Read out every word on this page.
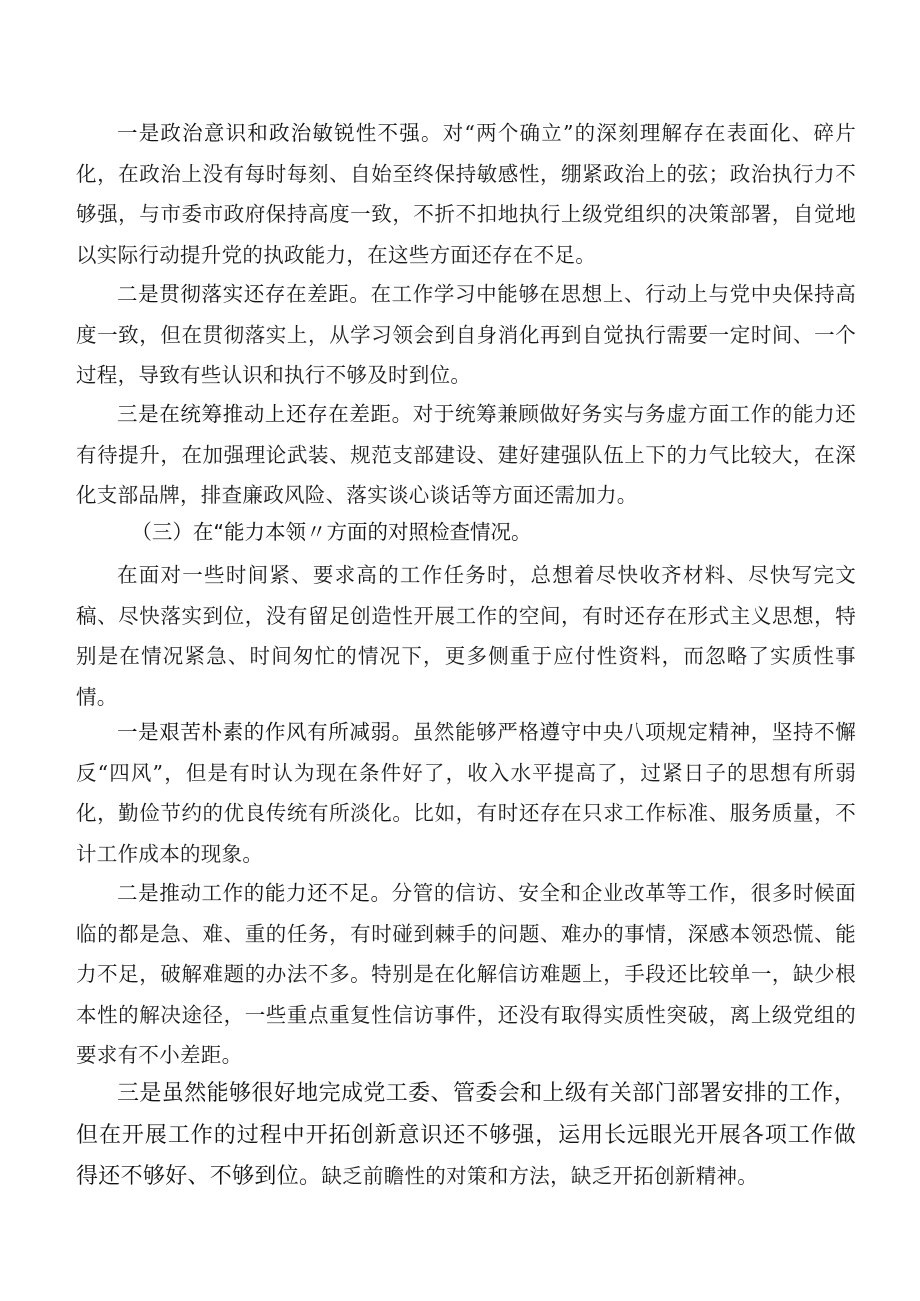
一是政治意识和政治敏锐性不强。对“两个确立”的深刻理解存在表面化、碎片化，在政治上没有每时每刻、自始至终保持敏感性，绷紧政治上的弦；政治执行力不够强，与市委市政府保持高度一致，不折不扣地执行上级党组织的决策部署，自觉地以实际行动提升党的执政能力，在这些方面还存在不足。

二是贯彻落实还存在差距。在工作学习中能够在思想上、行动上与党中央保持高度一致，但在贯彻落实上，从学习领会到自身消化再到自觉执行需要一定时间、一个过程，导致有些认识和执行不够及时到位。

三是在统筹推动上还存在差距。对于统筹兼顾做好务实与务虚方面工作的能力还有待提升，在加强理论武装、规范支部建设、建好建强队伍上下的力气比较大，在深化支部品牌，排查廉政风险、落实谈心谈话等方面还需加力。

（三）在“能力本领〃方面的对照检查情况。

在面对一些时间紧、要求高的工作任务时，总想着尽快收齐材料、尽快写完文稿、尽快落实到位，没有留足创造性开展工作的空间，有时还存在形式主义思想，特别是在情况紧急、时间匆忙的情况下，更多侧重于应付性资料，而忽略了实质性事情。

一是艰苦朴素的作风有所减弱。虽然能够严格遵守中央八项规定精神，坚持不懈反“四风”，但是有时认为现在条件好了，收入水平提高了，过紧日子的思想有所弱化，勤俭节约的优良传统有所淡化。比如，有时还存在只求工作标准、服务质量，不计工作成本的现象。

二是推动工作的能力还不足。分管的信访、安全和企业改革等工作，很多时候面临的都是急、难、重的任务，有时碰到棘手的问题、难办的事情，深感本领恐慌、能力不足，破解难题的办法不多。特别是在化解信访难题上，手段还比较单一，缺少根本性的解决途径，一些重点重复性信访事件，还没有取得实质性突破，离上级党组的要求有不小差距。

三是虽然能够很好地完成党工委、管委会和上级有关部门部署安排的工作，但在开展工作的过程中开拓创新意识还不够强，运用长远眼光开展各项工作做得还不够好、不够到位。缺乏前瞻性的对策和方法，缺乏开拓创新精神。
